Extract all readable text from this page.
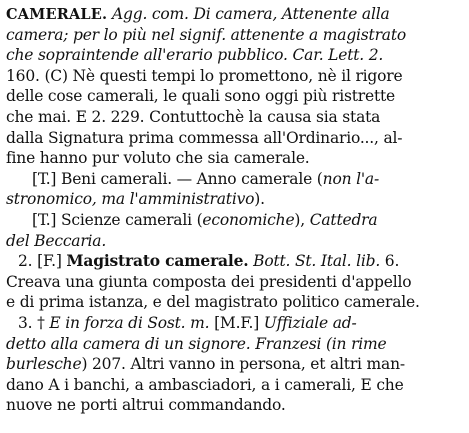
CAMERALE. Agg. com. Di camera, Attenente alla
camera; per lo più nel signif. attenente a magistrato
che sopraintende all'erario pubblico. Car. Lett. 2.
160. (C) Nè questi tempi lo promettono, nè il rigore
delle cose camerali, le quali sono oggi più ristrette
che mai. E 2. 229. Contuttochè la causa sia stata
dalla Signatura prima commessa all'Ordinario..., al-
fine hanno pur voluto che sia camerale.
[T.] Beni camerali. — Anno camerale (non l'a-
stronomico, ma l'amministrativo).
[T.] Scienze camerali (economiche), Cattedra
del Beccaria.
2. [F.] Magistrato camerale. Bott. St. Ital. lib. 6.
Creava una giunta composta dei presidenti d'appello
e di prima istanza, e del magistrato politico camerale.
3. † E in forza di Sost. m. [M.F.] Uffiziale ad-
detto alla camera di un signore. Franzesi (in rime
burlesche) 207. Altri vanno in persona, et altri man-
dano A i banchi, a ambasciadori, a i camerali, E che
nuove ne porti altrui commandando.
